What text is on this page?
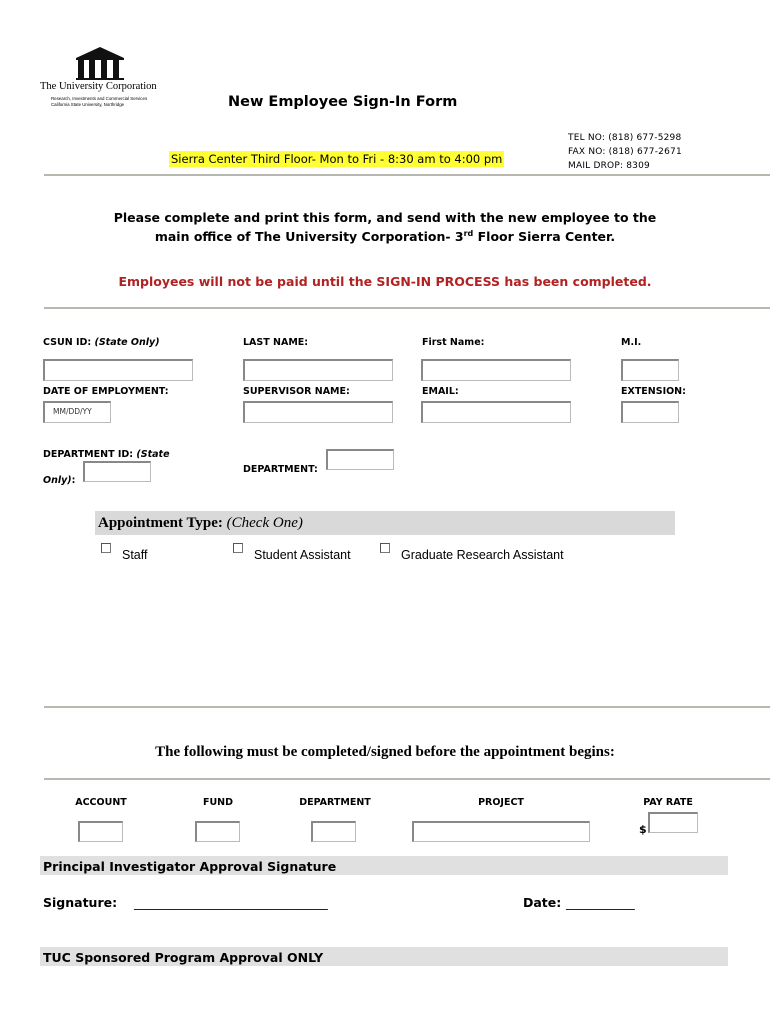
The University Corporation
Research, Investments and Commercial Services
California State University, Northridge	New Employee Sign-In Form
Sierra Center Third Floor- Mon to Fri - 8:30 am to 4:00 pm
TEL NO: (818) 677-5298
FAX NO: (818) 677-2671
MAIL DROP: 8309
Please complete and print this form, and send with the new employee to the
main office of The University Corporation- 3rd Floor Sierra Center.
Employees will not be paid until the SIGN-IN PROCESS has been completed.
CSUN ID: (State Only)	LAST NAME:	First Name:	M.I.
DATE OF EMPLOYMENT:	SUPERVISOR NAME:	EMAIL:	EXTENSION:
MM/DD/YY
DEPARTMENT ID: (State
Only):
DEPARTMENT:
Appointment Type: (Check One)
Staff	Student Assistant	Graduate Research Assistant
The following must be completed/signed before the appointment begins:
ACCOUNT	FUND	DEPARTMENT	PROJECT	PAY RATE
$
Principal Investigator Approval Signature
Signature: _______________________________	Date: ___________
TUC Sponsored Program Approval ONLY
